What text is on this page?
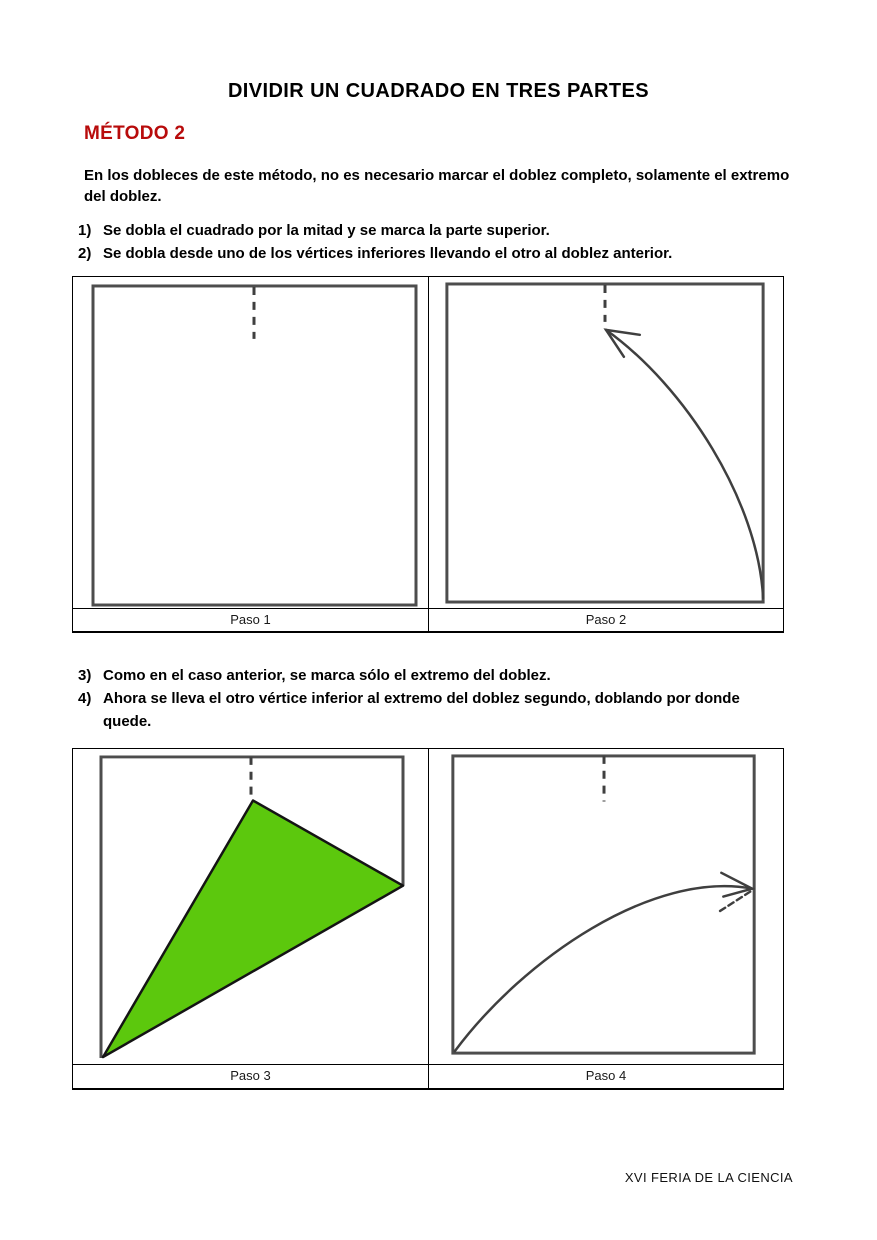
DIVIDIR UN CUADRADO EN TRES PARTES
MÉTODO 2

En los dobleces de este método, no es necesario marcar el doblez completo, solamente el extremo del doblez.

1) Se dobla el cuadrado por la mitad y se marca la parte superior.
2) Se dobla desde uno de los vértices inferiores llevando el otro al doblez anterior.
Paso 1	Paso 2
3) Como en el caso anterior, se marca sólo el extremo del doblez.
4) Ahora se lleva el otro vértice inferior al extremo del doblez segundo, doblando por donde quede.
Paso 3	Paso 4
XVI FERIA DE LA CIENCIA
